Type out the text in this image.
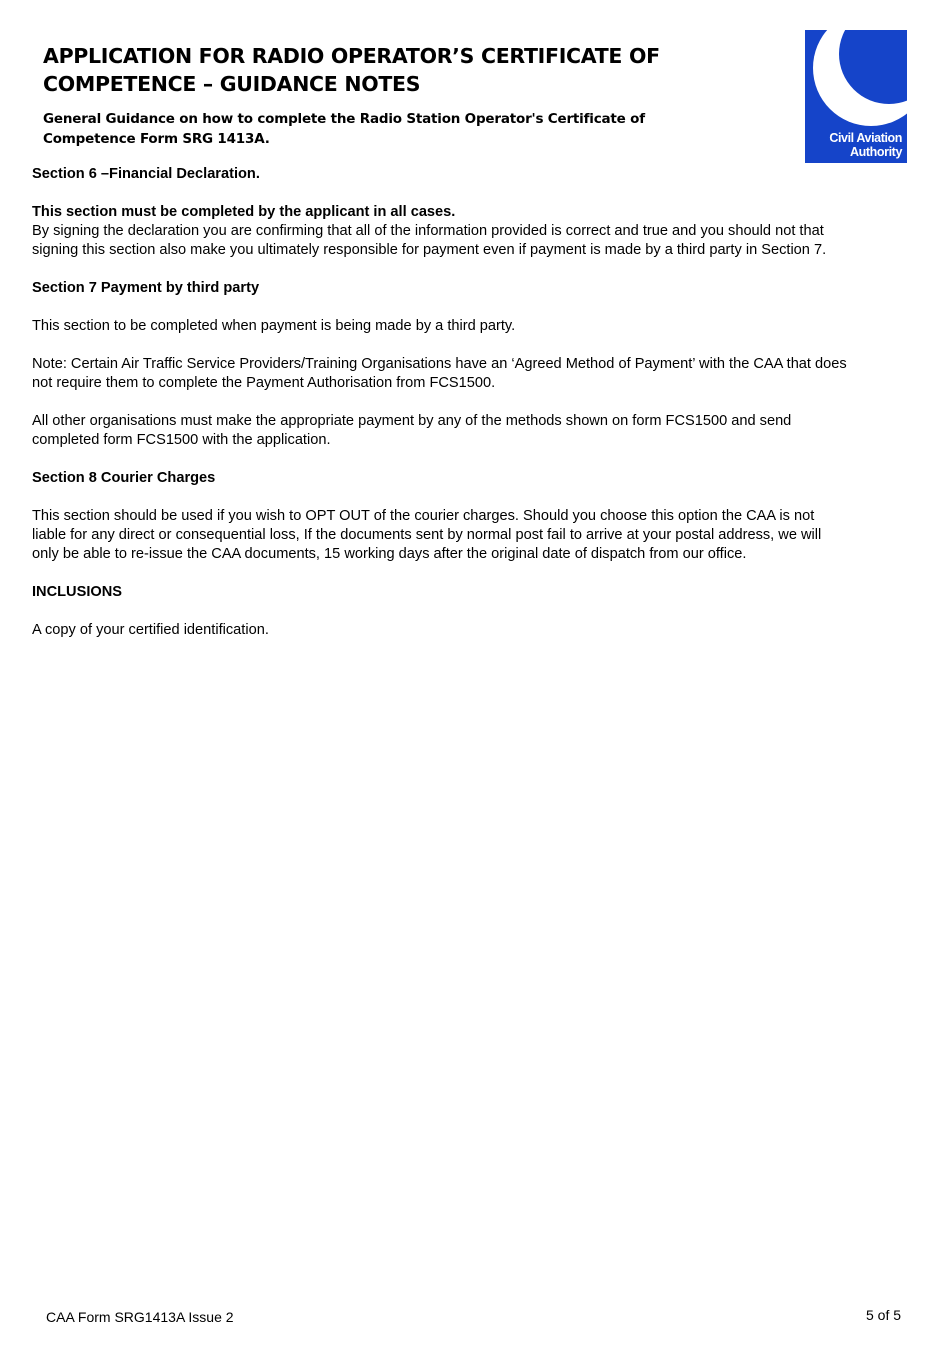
APPLICATION FOR RADIO OPERATOR’S CERTIFICATE OF
COMPETENCE – GUIDANCE NOTES
General Guidance on how to complete the Radio Station Operator's Certificate of
Competence Form SRG 1413A.	Civil Aviation
Authority

Section 6 –Financial Declaration.

This section must be completed by the applicant in all cases.

By signing the declaration you are confirming that all of the information provided is correct and true and you should not that
signing this section also make you ultimately responsible for payment even if payment is made by a third party in Section 7.

Section 7 Payment by third party

This section to be completed when payment is being made by a third party.

Note: Certain Air Traffic Service Providers/Training Organisations have an ‘Agreed Method of Payment’ with the CAA that does
not require them to complete the Payment Authorisation from FCS1500.

All other organisations must make the appropriate payment by any of the methods shown on form FCS1500 and send
completed form FCS1500 with the application.

Section 8 Courier Charges

This section should be used if you wish to OPT OUT of the courier charges. Should you choose this option the CAA is not
liable for any direct or consequential loss, If the documents sent by normal post fail to arrive at your postal address, we will
only be able to re-issue the CAA documents, 15 working days after the original date of dispatch from our office.

INCLUSIONS

A copy of your certified identification.

CAA Form SRG1413A Issue 2	5 of 5
